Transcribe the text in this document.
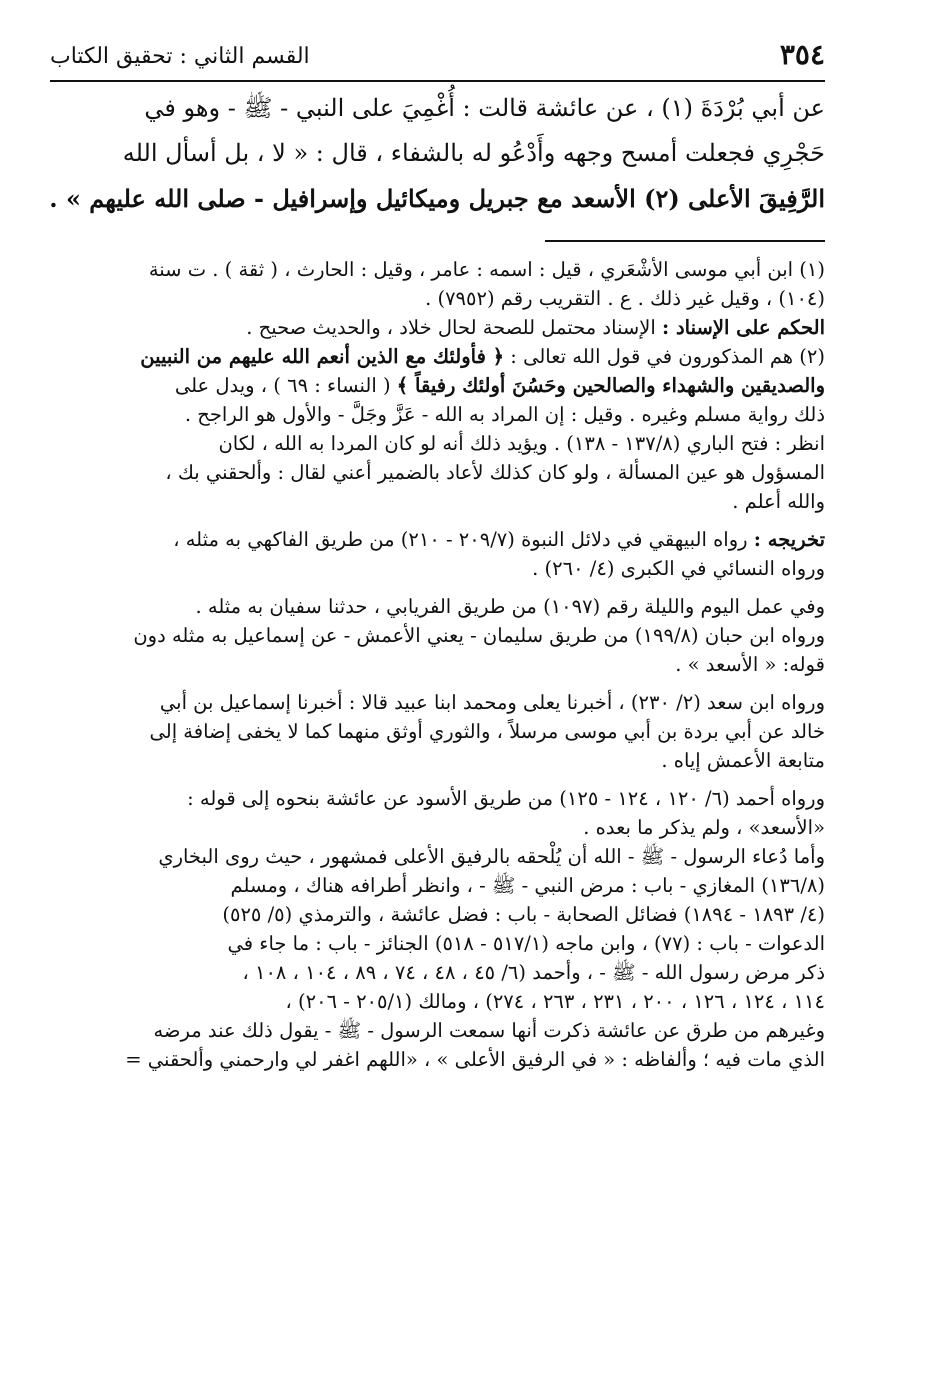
٣٥٤
القسم الثاني : تحقيق الكتاب
عن أبي بُرْدَةَ (١) ، عن عائشة قالت : أُغْمِيَ على النبي - ﷺ - وهو في
حَجْرِي فجعلت أمسح وجهه وأَدْعُو له بالشفاء ، قال : « لا ، بل أسأل الله
الرَّفِيقَ الأعلى (٢) الأسعد مع جبريل وميكائيل وإسرافيل - صلى الله عليهم » .
(١) ابن أبي موسى الأشْعَري ، قيل : اسمه : عامر ، وقيل : الحارث ، ( ثقة ) . ت سنة
(١٠٤) ، وقيل غير ذلك . ع . التقريب رقم (٧٩٥٢) .
الحكم على الإسناد : الإسناد محتمل للصحة لحال خلاد ، والحديث صحيح .
(٢) هم المذكورون في قول الله تعالى : ﴿ فأولئك مع الذين أنعم الله عليهم من النبيين
والصديقين والشهداء والصالحين وحَسُنَ أولئك رفيقاً ﴾ ( النساء : ٦٩ ) ، ويدل على
ذلك رواية مسلم وغيره . وقيل : إن المراد به الله - عَزَّ وجَلَّ - والأول هو الراجح .
انظر : فتح الباري (١٣٧/٨ - ١٣٨) . ويؤيد ذلك أنه لو كان المردا به الله ، لكان
المسؤول هو عين المسألة ، ولو كان كذلك لأعاد بالضمير أعني لقال : وألحقني بك ،
والله أعلم .
تخريجه : رواه البيهقي في دلائل النبوة (٢٠٩/٧ - ٢١٠) من طريق الفاكهي به مثله ،
ورواه النسائي في الكبرى (٤/ ٢٦٠) .
وفي عمل اليوم والليلة رقم (١٠٩٧) من طريق الفريابي ، حدثنا سفيان به مثله .
ورواه ابن حبان (١٩٩/٨) من طريق سليمان - يعني الأعمش - عن إسماعيل به مثله دون
قوله: « الأسعد » .
ورواه ابن سعد (٢/ ٢٣٠) ، أخبرنا يعلى ومحمد ابنا عبيد قالا : أخبرنا إسماعيل بن أبي
خالد عن أبي بردة بن أبي موسى مرسلاً ، والثوري أوثق منهما كما لا يخفى إضافة إلى
متابعة الأعمش إياه .
ورواه أحمد (٦/ ١٢٠ ، ١٢٤ - ١٢٥) من طريق الأسود عن عائشة بنحوه إلى قوله :
«الأسعد» ، ولم يذكر ما بعده .
وأما دُعاء الرسول - ﷺ - الله أن يُلْحقه بالرفيق الأعلى فمشهور ، حيث روى البخاري
(١٣٦/٨) المغازي - باب : مرض النبي - ﷺ - ، وانظر أطرافه هناك ، ومسلم
(٤/ ١٨٩٣ - ١٨٩٤) فضائل الصحابة - باب : فضل عائشة ، والترمذي (٥/ ٥٢٥)
الدعوات - باب : (٧٧) ، وابن ماجه (٥١٧/١ - ٥١٨) الجنائز - باب : ما جاء في
ذكر مرض رسول الله - ﷺ - ، وأحمد (٦/ ٤٥ ، ٤٨ ، ٧٤ ، ٨٩ ، ١٠٤ ، ١٠٨ ،
١١٤ ، ١٢٤ ، ١٢٦ ، ٢٠٠ ، ٢٣١ ، ٢٦٣ ، ٢٧٤) ، ومالك (٢٠٥/١ - ٢٠٦) ،
وغيرهم من طرق عن عائشة ذكرت أنها سمعت الرسول - ﷺ - يقول ذلك عند مرضه
الذي مات فيه ؛ وألفاظه : « في الرفيق الأعلى » ، «اللهم اغفر لي وارحمني وألحقني =
